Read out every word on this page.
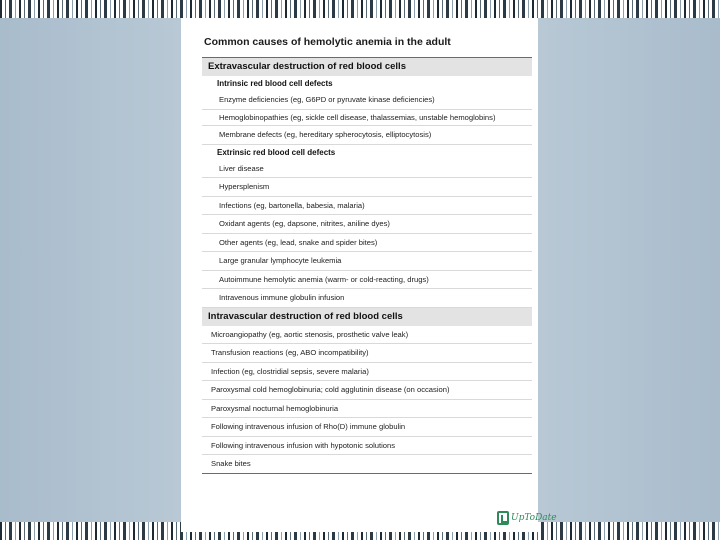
Common causes of hemolytic anemia in the adult
Extravascular destruction of red blood cells
Intrinsic red blood cell defects
Enzyme deficiencies (eg, G6PD or pyruvate kinase deficiencies)
Hemoglobinopathies (eg, sickle cell disease, thalassemias, unstable hemoglobins)
Membrane defects (eg, hereditary spherocytosis, elliptocytosis)
Extrinsic red blood cell defects
Liver disease
Hypersplenism
Infections (eg, bartonella, babesia, malaria)
Oxidant agents (eg, dapsone, nitrites, aniline dyes)
Other agents (eg, lead, snake and spider bites)
Large granular lymphocyte leukemia
Autoimmune hemolytic anemia (warm- or cold-reacting, drugs)
Intravenous immune globulin infusion
Intravascular destruction of red blood cells
Microangiopathy (eg, aortic stenosis, prosthetic valve leak)
Transfusion reactions (eg, ABO incompatibility)
Infection (eg, clostridial sepsis, severe malaria)
Paroxysmal cold hemoglobinuria; cold agglutinin disease (on occasion)
Paroxysmal nocturnal hemoglobinuria
Following intravenous infusion of Rho(D) immune globulin
Following intravenous infusion with hypotonic solutions
Snake bites
UpToDate
